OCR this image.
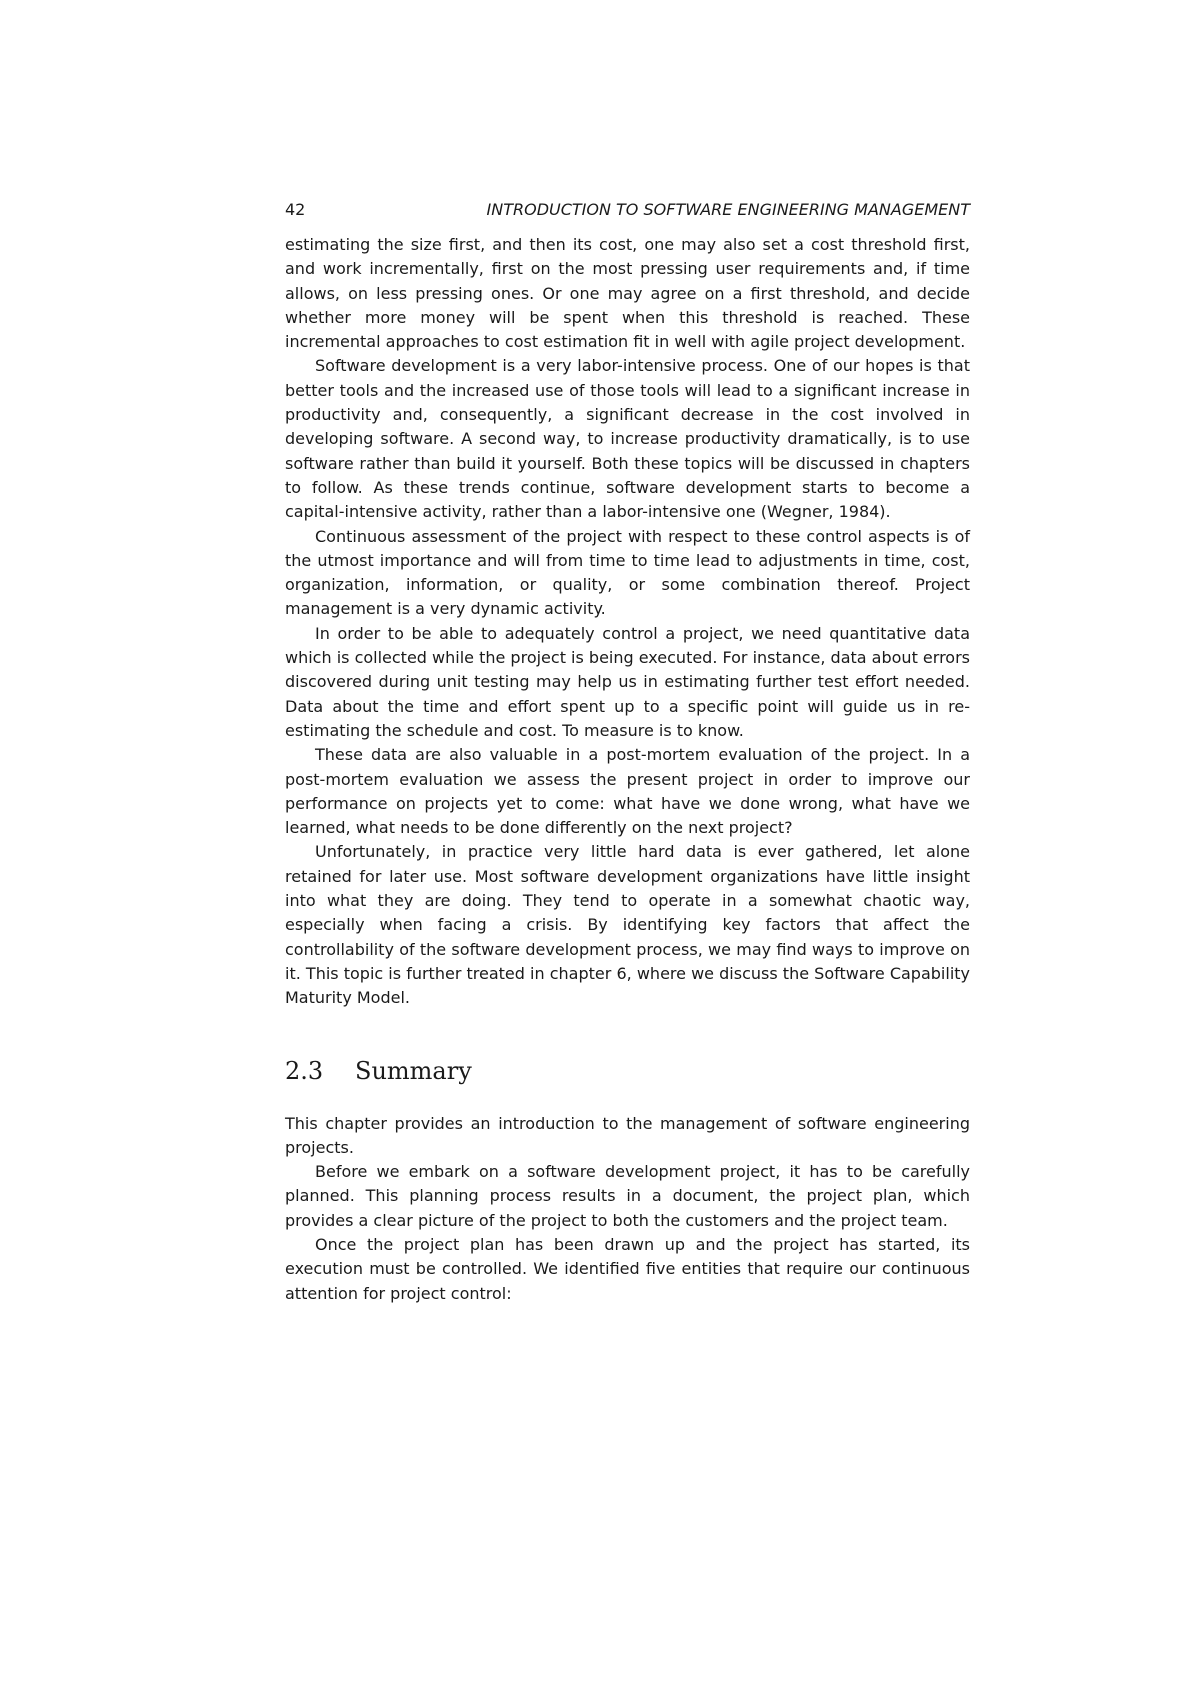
42	INTRODUCTION TO SOFTWARE ENGINEERING MANAGEMENT

estimating the size first, and then its cost, one may also set a cost threshold first, and work incrementally, first on the most pressing user requirements and, if time allows, on less pressing ones. Or one may agree on a first threshold, and decide whether more money will be spent when this threshold is reached. These incremental approaches to cost estimation fit in well with agile project development.

Software development is a very labor-intensive process. One of our hopes is that better tools and the increased use of those tools will lead to a significant increase in productivity and, consequently, a significant decrease in the cost involved in developing software. A second way, to increase productivity dramatically, is to use software rather than build it yourself. Both these topics will be discussed in chapters to follow. As these trends continue, software development starts to become a capital-intensive activity, rather than a labor-intensive one (Wegner, 1984).

Continuous assessment of the project with respect to these control aspects is of the utmost importance and will from time to time lead to adjustments in time, cost, organization, information, or quality, or some combination thereof. Project management is a very dynamic activity.

In order to be able to adequately control a project, we need quantitative data which is collected while the project is being executed. For instance, data about errors discovered during unit testing may help us in estimating further test effort needed. Data about the time and effort spent up to a specific point will guide us in re-estimating the schedule and cost. To measure is to know.

These data are also valuable in a post-mortem evaluation of the project. In a post-mortem evaluation we assess the present project in order to improve our performance on projects yet to come: what have we done wrong, what have we learned, what needs to be done differently on the next project?

Unfortunately, in practice very little hard data is ever gathered, let alone retained for later use. Most software development organizations have little insight into what they are doing. They tend to operate in a somewhat chaotic way, especially when facing a crisis. By identifying key factors that affect the controllability of the software development process, we may find ways to improve on it. This topic is further treated in chapter 6, where we discuss the Software Capability Maturity Model.

2.3	Summary

This chapter provides an introduction to the management of software engineering projects.

Before we embark on a software development project, it has to be carefully planned. This planning process results in a document, the project plan, which provides a clear picture of the project to both the customers and the project team.

Once the project plan has been drawn up and the project has started, its execution must be controlled. We identified five entities that require our continuous attention for project control:
